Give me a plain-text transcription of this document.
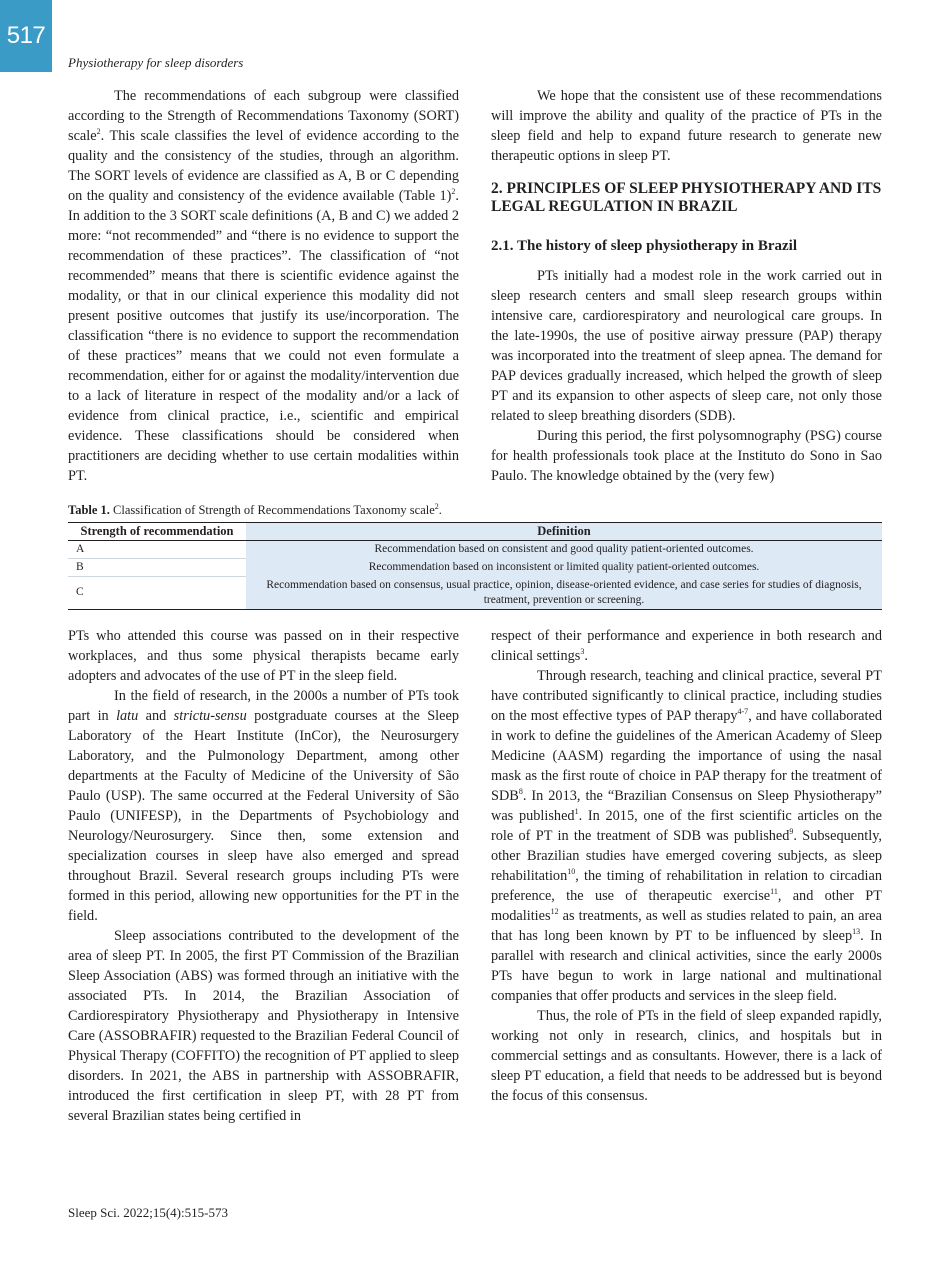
517
Physiotherapy for sleep disorders

The recommendations of each subgroup were classified according to the Strength of Recommendations Taxonomy (SORT) scale$^2$. This scale classifies the level of evidence according to the quality and the consistency of the studies, through an algorithm. The SORT levels of evidence are classified as A, B or C depending on the quality and consistency of the evidence available (Table 1)$^2$. In addition to the 3 SORT scale definitions (A, B and C) we added 2 more: “not recommended” and “there is no evidence to support the recommendation of these practices”. The classification of “not recommended” means that there is scientific evidence against the modality, or that in our clinical experience this modality did not present positive outcomes that justify its use/incorporation. The classification “there is no evidence to support the recommendation of these practices” means that we could not even formulate a recommendation, either for or against the modality/intervention due to a lack of literature in respect of the modality and/or a lack of evidence from clinical practice, i.e., scientific and empirical evidence. These classifications should be considered when practitioners are deciding whether to use certain modalities within PT.

We hope that the consistent use of these recommendations will improve the ability and quality of the practice of PTs in the sleep field and help to expand future research to generate new therapeutic options in sleep PT.

2. PRINCIPLES OF SLEEP PHYSIOTHERAPY AND ITS LEGAL REGULATION IN BRAZIL
2.1. The history of sleep physiotherapy in Brazil

PTs initially had a modest role in the work carried out in sleep research centers and small sleep research groups within intensive care, cardiorespiratory and neurological care groups. In the late-1990s, the use of positive airway pressure (PAP) therapy was incorporated into the treatment of sleep apnea. The demand for PAP devices gradually increased, which helped the growth of sleep PT and its expansion to other aspects of sleep care, not only those related to sleep breathing disorders (SDB).

During this period, the first polysomnography (PSG) course for health professionals took place at the Instituto do Sono in Sao Paulo. The knowledge obtained by the (very few)

Table 1. Classification of Strength of Recommendations Taxonomy scale$^2$.
Strength of recommendation	Definition
A	Recommendation based on consistent and good quality patient-oriented outcomes.
B	Recommendation based on inconsistent or limited quality patient-oriented outcomes.
C	Recommendation based on consensus, usual practice, opinion, disease-oriented evidence, and case series for studies of diagnosis, treatment, prevention or screening.

PTs who attended this course was passed on in their respective workplaces, and thus some physical therapists became early adopters and advocates of the use of PT in the sleep field.

In the field of research, in the 2000s a number of PTs took part in latu and strictu-sensu postgraduate courses at the Sleep Laboratory of the Heart Institute (InCor), the Neurosurgery Laboratory, and the Pulmonology Department, among other departments at the Faculty of Medicine of the University of São Paulo (USP). The same occurred at the Federal University of São Paulo (UNIFESP), in the Departments of Psychobiology and Neurology/Neurosurgery. Since then, some extension and specialization courses in sleep have also emerged and spread throughout Brazil. Several research groups including PTs were formed in this period, allowing new opportunities for the PT in the field.

Sleep associations contributed to the development of the area of sleep PT. In 2005, the first PT Commission of the Brazilian Sleep Association (ABS) was formed through an initiative with the associated PTs. In 2014, the Brazilian Association of Cardiorespiratory Physiotherapy and Physiotherapy in Intensive Care (ASSOBRAFIR) requested to the Brazilian Federal Council of Physical Therapy (COFFITO) the recognition of PT applied to sleep disorders. In 2021, the ABS in partnership with ASSOBRAFIR, introduced the first certification in sleep PT, with 28 PT from several Brazilian states being certified in

respect of their performance and experience in both research and clinical settings$^3$.

Through research, teaching and clinical practice, several PT have contributed significantly to clinical practice, including studies on the most effective types of PAP therapy$^{4-7}$, and have collaborated in work to define the guidelines of the American Academy of Sleep Medicine (AASM) regarding the importance of using the nasal mask as the first route of choice in PAP therapy for the treatment of SDB$^8$. In 2013, the “Brazilian Consensus on Sleep Physiotherapy” was published$^1$. In 2015, one of the first scientific articles on the role of PT in the treatment of SDB was published$^9$. Subsequently, other Brazilian studies have emerged covering subjects, as sleep rehabilitation$^{10}$, the timing of rehabilitation in relation to circadian preference, the use of therapeutic exercise$^{11}$, and other PT modalities$^{12}$ as treatments, as well as studies related to pain, an area that has long been known by PT to be influenced by sleep$^{13}$. In parallel with research and clinical activities, since the early 2000s PTs have begun to work in large national and multinational companies that offer products and services in the sleep field.

Thus, the role of PTs in the field of sleep expanded rapidly, working not only in research, clinics, and hospitals but in commercial settings and as consultants. However, there is a lack of sleep PT education, a field that needs to be addressed but is beyond the focus of this consensus.

Sleep Sci. 2022;15(4):515-573
